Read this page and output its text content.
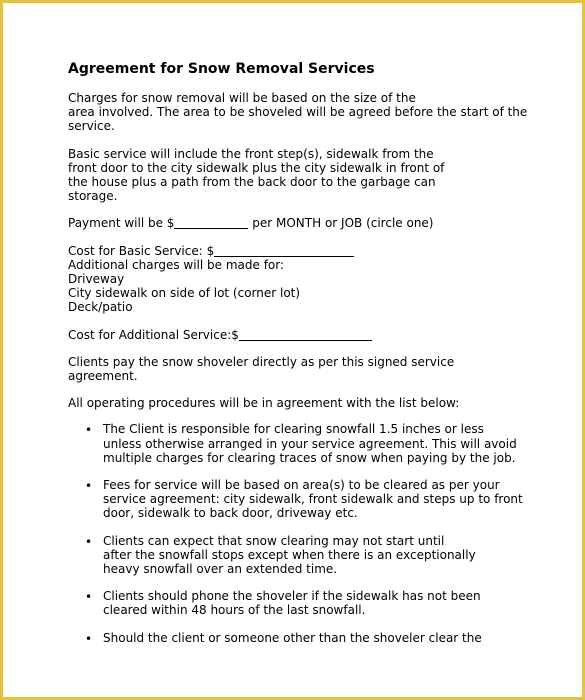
Agreement for Snow Removal Services
Charges for snow removal will be based on the size of the
area involved. The area to be shoveled will be agreed before the start of the
service.
Basic service will include the front step(s), sidewalk from the
front door to the city sidewalk plus the city sidewalk in front of
the house plus a path from the back door to the garbage can
storage.
Payment will be $	per MONTH or JOB (circle one)
Cost for Basic Service: $
Additional charges will be made for:
Driveway
City sidewalk on side of lot (corner lot)
Deck/patio
Cost for Additional Service:$
Clients pay the snow shoveler directly as per this signed service
agreement.
All operating procedures will be in agreement with the list below:
• The Client is responsible for clearing snowfall 1.5 inches or less
unless otherwise arranged in your service agreement. This will avoid
multiple charges for clearing traces of snow when paying by the job.
• Fees for service will be based on area(s) to be cleared as per your
service agreement: city sidewalk, front sidewalk and steps up to front
door, sidewalk to back door, driveway etc.
• Clients can expect that snow clearing may not start until
after the snowfall stops except when there is an exceptionally
heavy snowfall over an extended time.
• Clients should phone the shoveler if the sidewalk has not been
cleared within 48 hours of the last snowfall.
• Should the client or someone other than the shoveler clear the
